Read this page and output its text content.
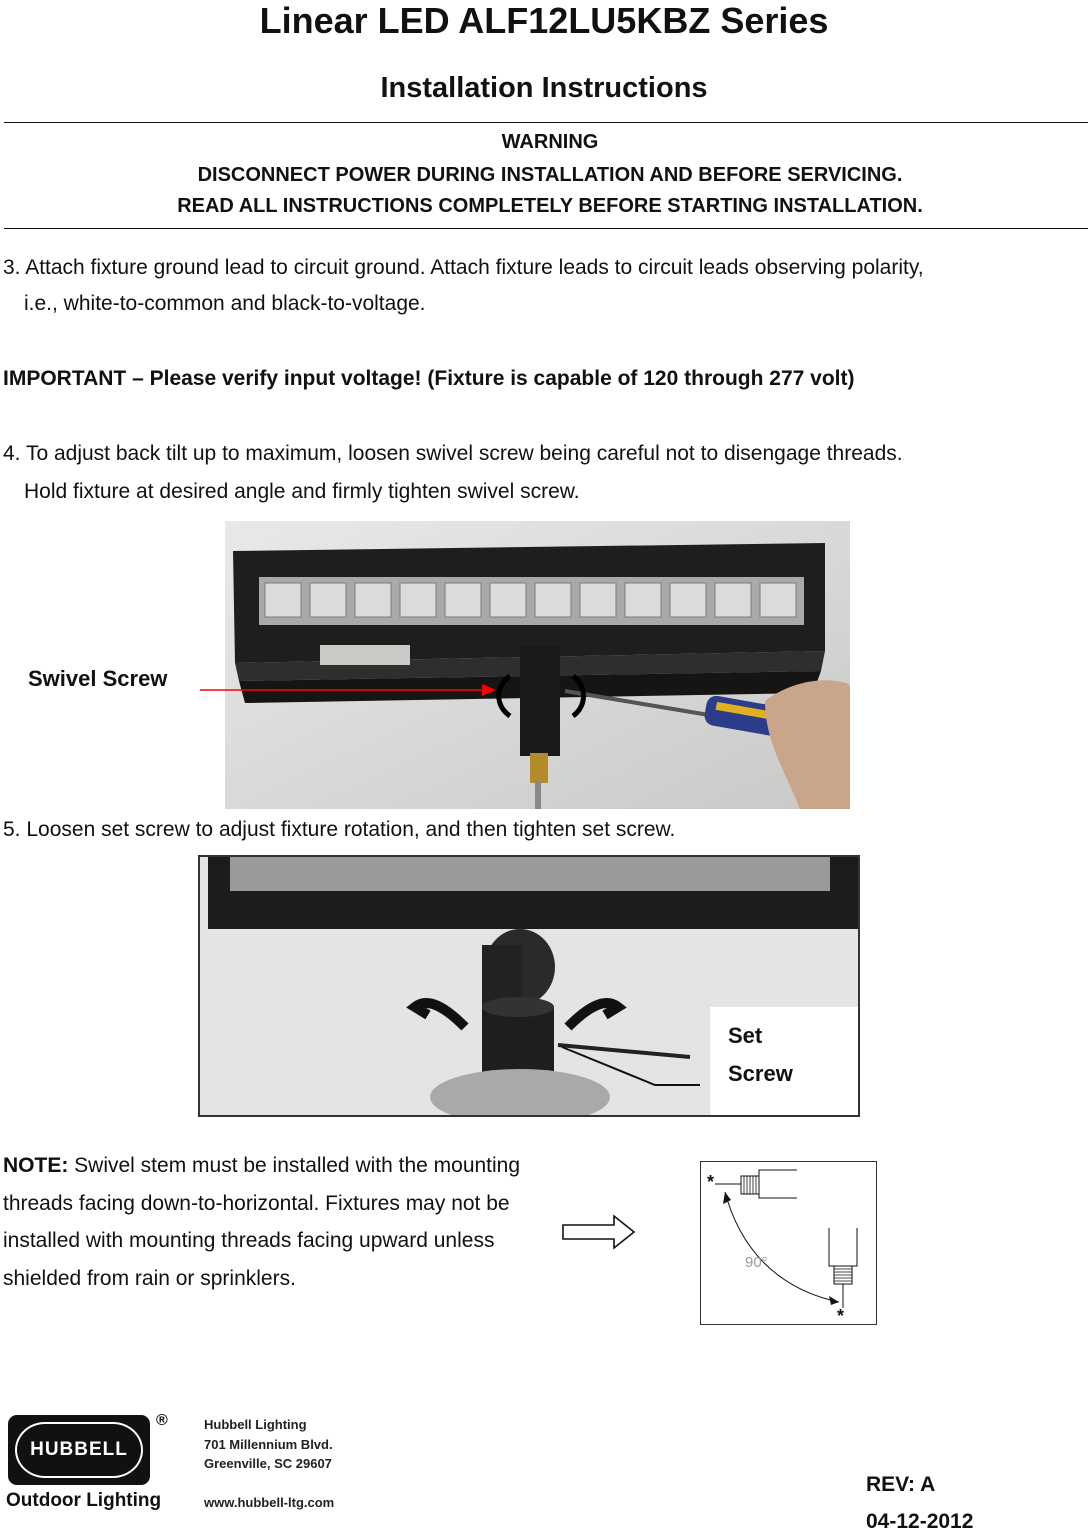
Linear LED ALF12LU5KBZ Series
Installation Instructions
WARNING
DISCONNECT POWER DURING INSTALLATION AND BEFORE SERVICING.
READ ALL INSTRUCTIONS COMPLETELY BEFORE STARTING INSTALLATION.
3. Attach fixture ground lead to circuit ground. Attach fixture leads to circuit leads observing polarity,
i.e., white-to-common and black-to-voltage.
IMPORTANT – Please verify input voltage! (Fixture is capable of 120 through 277 volt)
4. To adjust back tilt up to maximum, loosen swivel screw being careful not to disengage threads.
Hold fixture at desired angle and firmly tighten swivel screw.
Swivel Screw
5. Loosen set screw to adjust fixture rotation, and then tighten set screw.
Set
Screw
NOTE: Swivel stem must be installed with the mounting threads facing down-to-horizontal. Fixtures may not be installed with mounting threads facing upward unless shielded from rain or sprinklers.
*
*
90°
HUBBELL
®
Outdoor Lighting
Hubbell Lighting
701 Millennium Blvd.
Greenville, SC 29607
www.hubbell-ltg.com
REV: A
04-12-2012
